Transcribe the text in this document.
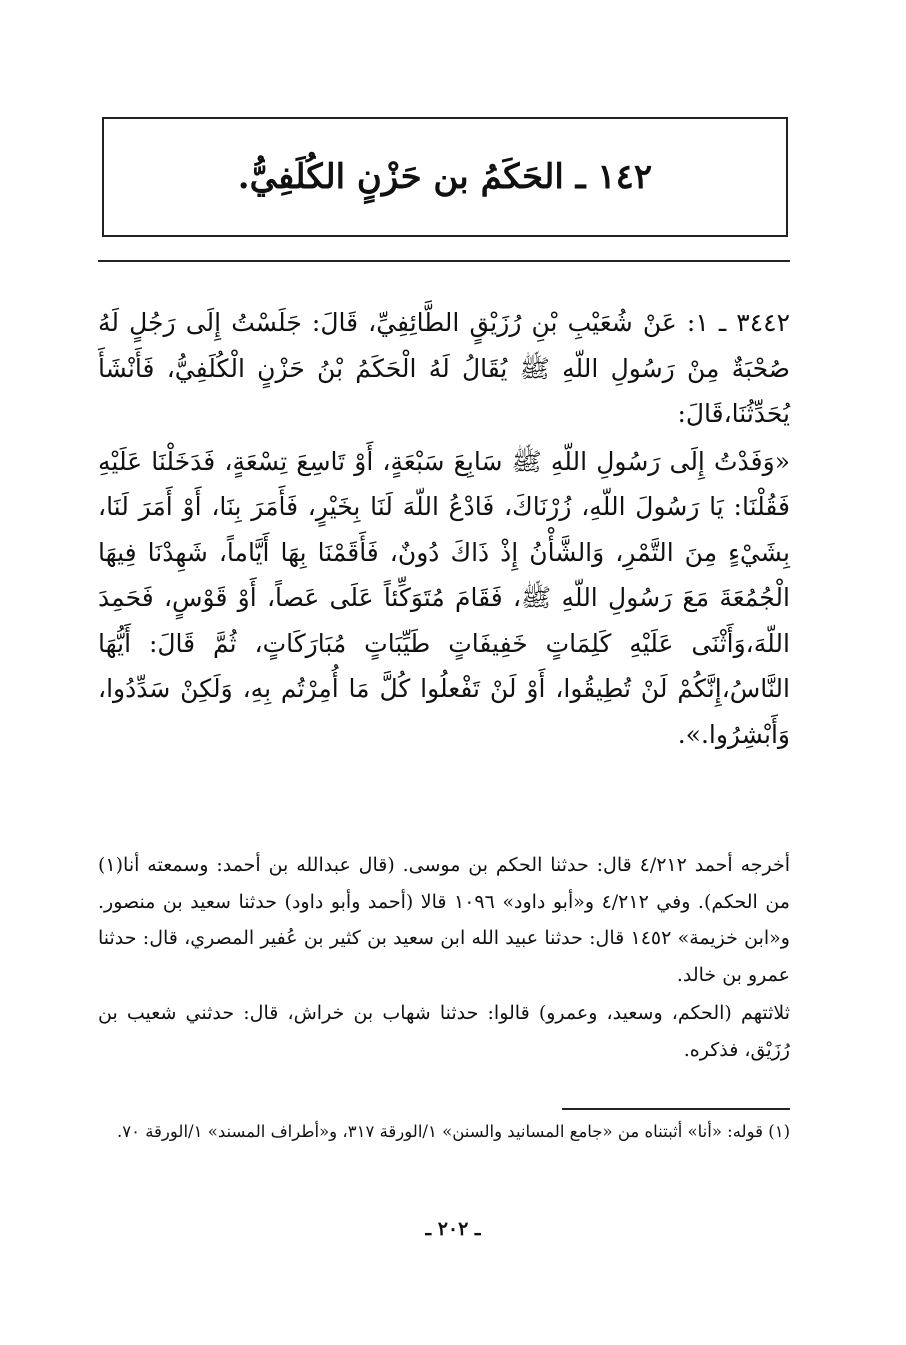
١٤٢ ـ الحَكَمُ بن حَزْنٍ الكُلَفِيُّ.

٣٤٤٢ ـ ١: عَنْ شُعَيْبِ بْنِ رُزَيْقٍ الطَّائِفِيِّ، قَالَ: جَلَسْتُ إِلَى رَجُلٍ لَهُ صُحْبَةٌ مِنْ رَسُولِ اللّهِ ﷺ يُقَالُ لَهُ الْحَكَمُ بْنُ حَزْنٍ الْكُلَفِيُّ، فَأَنْشَأَ يُحَدِّثُنَا،قَالَ:

«وَفَدْتُ إِلَى رَسُولِ اللّهِ ﷺ سَابِعَ سَبْعَةٍ، أَوْ تَاسِعَ تِسْعَةٍ، فَدَخَلْنَا عَلَيْهِ فَقُلْنَا: يَا رَسُولَ اللّهِ، زُرْنَاكَ، فَادْعُ اللّهَ لَنَا بِخَيْرٍ، فَأَمَرَ بِنَا، أَوْ أَمَرَ لَنَا، بِشَيْءٍ مِنَ التَّمْرِ، وَالشَّأْنُ إِذْ ذَاكَ دُونٌ، فَأَقَمْنَا بِهَا أَيَّاماً، شَهِدْنَا فِيهَا الْجُمُعَةَ مَعَ رَسُولِ اللّهِ ﷺ، فَقَامَ مُتَوَكِّئاً عَلَى عَصاً، أَوْ قَوْسٍ، فَحَمِدَ اللّهَ،وَأَثْنَى عَلَيْهِ كَلِمَاتٍ خَفِيفَاتٍ طَيِّبَاتٍ مُبَارَكَاتٍ، ثُمَّ قَالَ: أَيُّهَا النَّاسُ،إِنَّكُمْ لَنْ تُطِيقُوا، أَوْ لَنْ تَفْعلُوا كُلَّ مَا أُمِرْتُم بِهِ، وَلَكِنْ سَدِّدُوا، وَأَبْشِرُوا.».

أخرجه أحمد ٤/٢١٢ قال: حدثنا الحكم بن موسى. (قال عبدالله بن أحمد: وسمعته أنا(١) من الحكم). وفي ٤/٢١٢ و«أبو داود» ١٠٩٦ قالا (أحمد وأبو داود) حدثنا سعيد بن منصور. و«ابن خزيمة» ١٤٥٢ قال: حدثنا عبيد الله ابن سعيد بن كثير بن عُفير المصري، قال: حدثنا عمرو بن خالد.

ثلاثتهم (الحكم، وسعيد، وعمرو) قالوا: حدثنا شهاب بن خراش، قال: حدثني شعيب بن رُزَيْق، فذكره.

(١) قوله: «أنا» أثبتناه من «جامع المسانيد والسنن» ١/الورقة ٣١٧، و«أطراف المسند» ١/الورقة ٧٠.

ـ ٢٠٢ ـ
